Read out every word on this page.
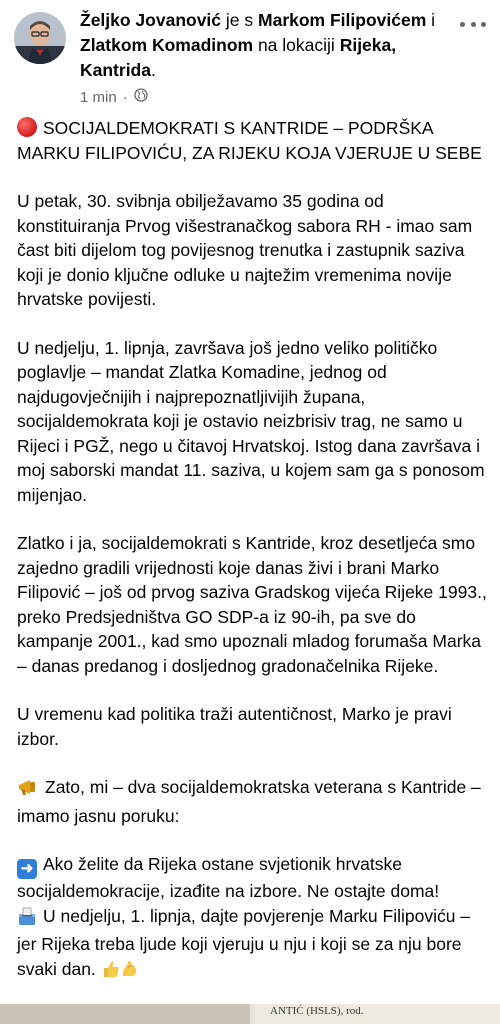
Željko Jovanović je s Markom Filipovićem i Zlatkom Komadinom na lokaciji Rijeka, Kantrida.
1 min ·

SOCIJALDEMOKRATI S KANTRIDE – PODRŠKA MARKU FILIPOVIĆU, ZA RIJEKU KOJA VJERUJE U SEBE

U petak, 30. svibnja obilježavamo 35 godina od konstituiranja Prvog višestranačkog sabora RH - imao sam čast biti dijelom tog povijesnog trenutka i zastupnik saziva koji je donio ključne odluke u najtežim vremenima novije hrvatske povijesti.

U nedjelju, 1. lipnja, završava još jedno veliko političko poglavlje – mandat Zlatka Komadine, jednog od najdugovječnijih i najprepoznatljivijih župana, socijaldemokrata koji je ostavio neizbrisiv trag, ne samo u Rijeci i PGŽ, nego u čitavoj Hrvatskoj. Istog dana završava i moj saborski mandat 11. saziva, u kojem sam ga s ponosom mijenjao.

Zlatko i ja, socijaldemokrati s Kantride, kroz desetljeća smo zajedno gradili vrijednosti koje danas živi i brani Marko Filipović – još od prvog saziva Gradskog vijeća Rijeke 1993., preko Predsjedništva GO SDP-a iz 90-ih, pa sve do kampanje 2001., kad smo upoznali mladog forumaša Marka – danas predanog i dosljednog gradonačelnika Rijeke.

U vremenu kad politika traži autentičnost, Marko je pravi izbor.

Zato, mi – dva socijaldemokratska veterana s Kantride – imamo jasnu poruku:

➜ Ako želite da Rijeka ostane svjetionik hrvatske socijaldemokracije, izađite na izbore. Ne ostajte doma!

U nedjelju, 1. lipnja, dajte povjerenje Marku Filipoviću – jer Rijeka treba ljude koji vjeruju u nju i koji se za nju bore svaki dan.

ANTIĆ (HSLS), rod.
